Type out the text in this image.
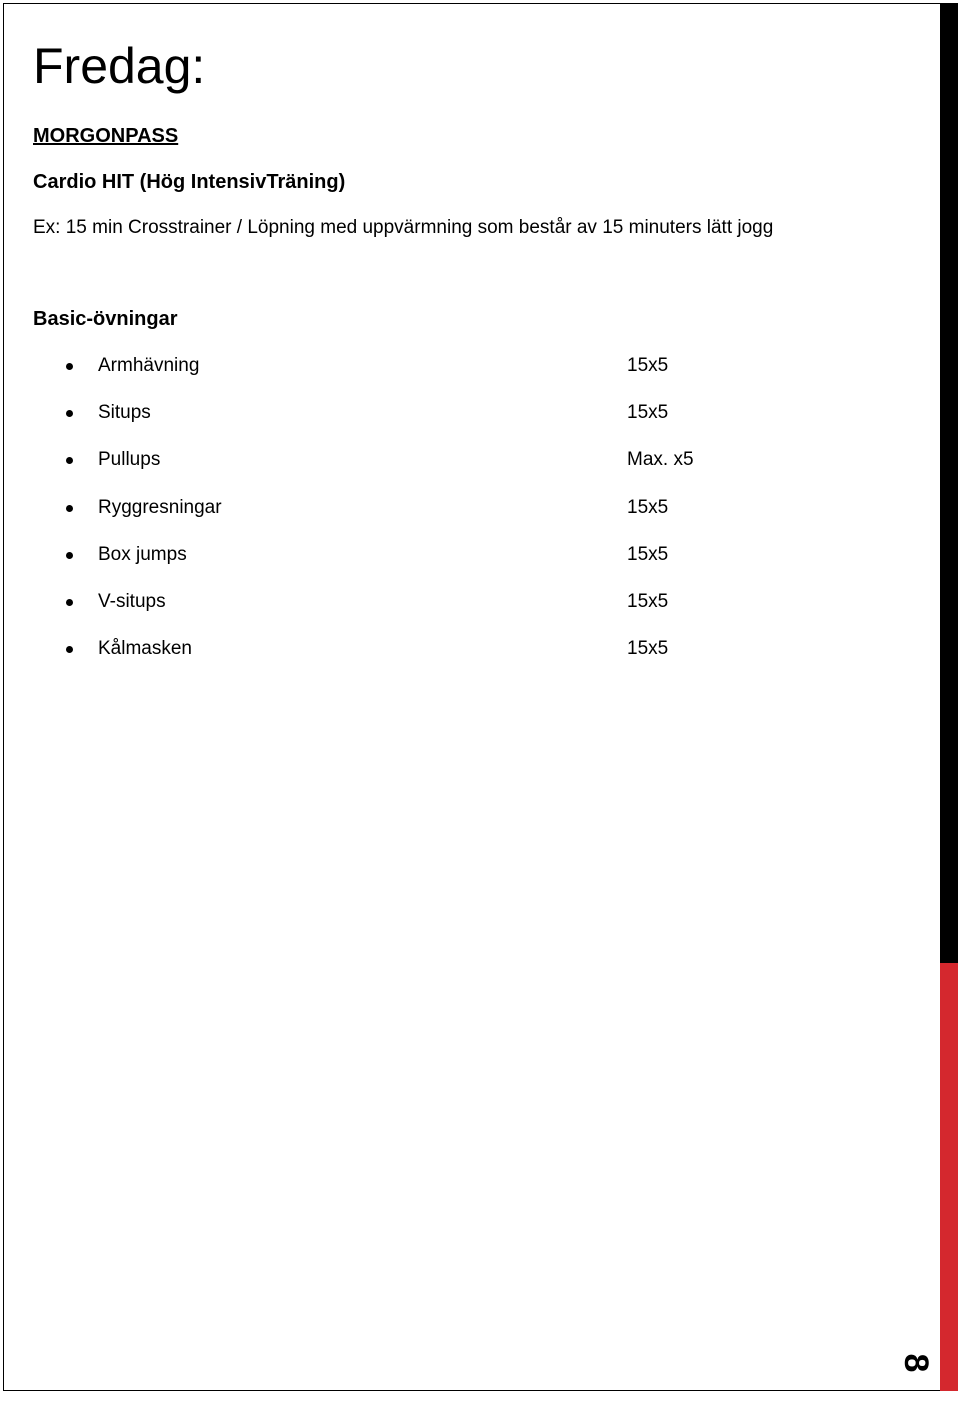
Fredag:
MORGONPASS
Cardio HIT (Hög IntensivTräning)
Ex: 15 min Crosstrainer / Löpning med uppvärmning som består av 15 minuters lätt jogg
Basic-övningar
Armhävning	15x5
Situps	15x5
Pullups	Max. x5
Ryggresningar	15x5
Box jumps	15x5
V-situps	15x5
Kålmasken	15x5
8
